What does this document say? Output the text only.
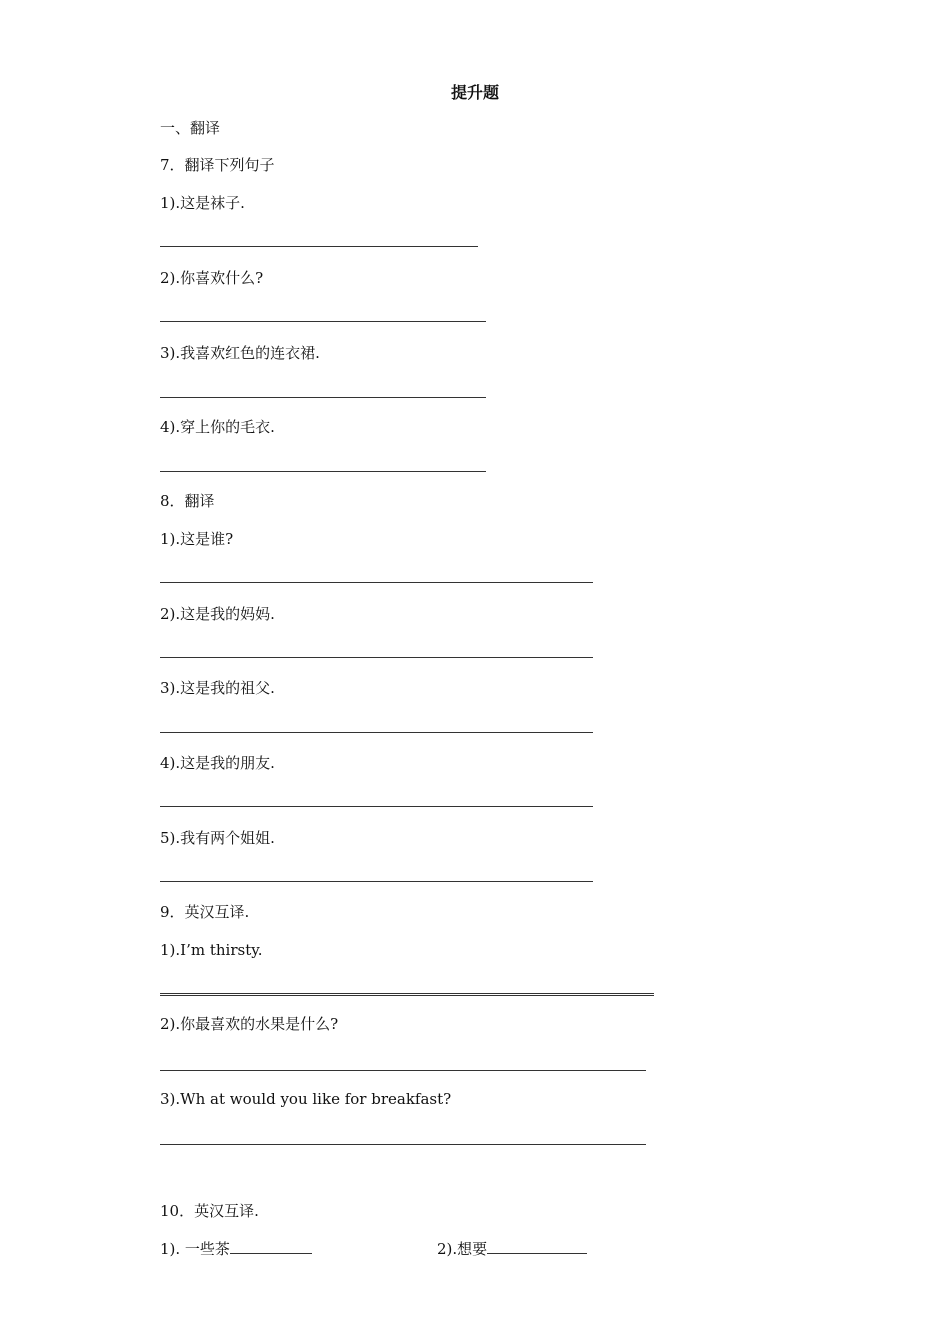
提升题
一、翻译
7．翻译下列句子
1).这是袜子.
2).你喜欢什么?
3).我喜欢红色的连衣裙.
4).穿上你的毛衣.
8．翻译
1).这是谁?
2).这是我的妈妈.
3).这是我的祖父.
4).这是我的朋友.
5).我有两个姐姐.
9．英汉互译.
1).I’m thirsty.
2).你最喜欢的水果是什么?
3).Wh at would you like for breakfast?
10．英汉互译.
1). 一些茶	2).想要
